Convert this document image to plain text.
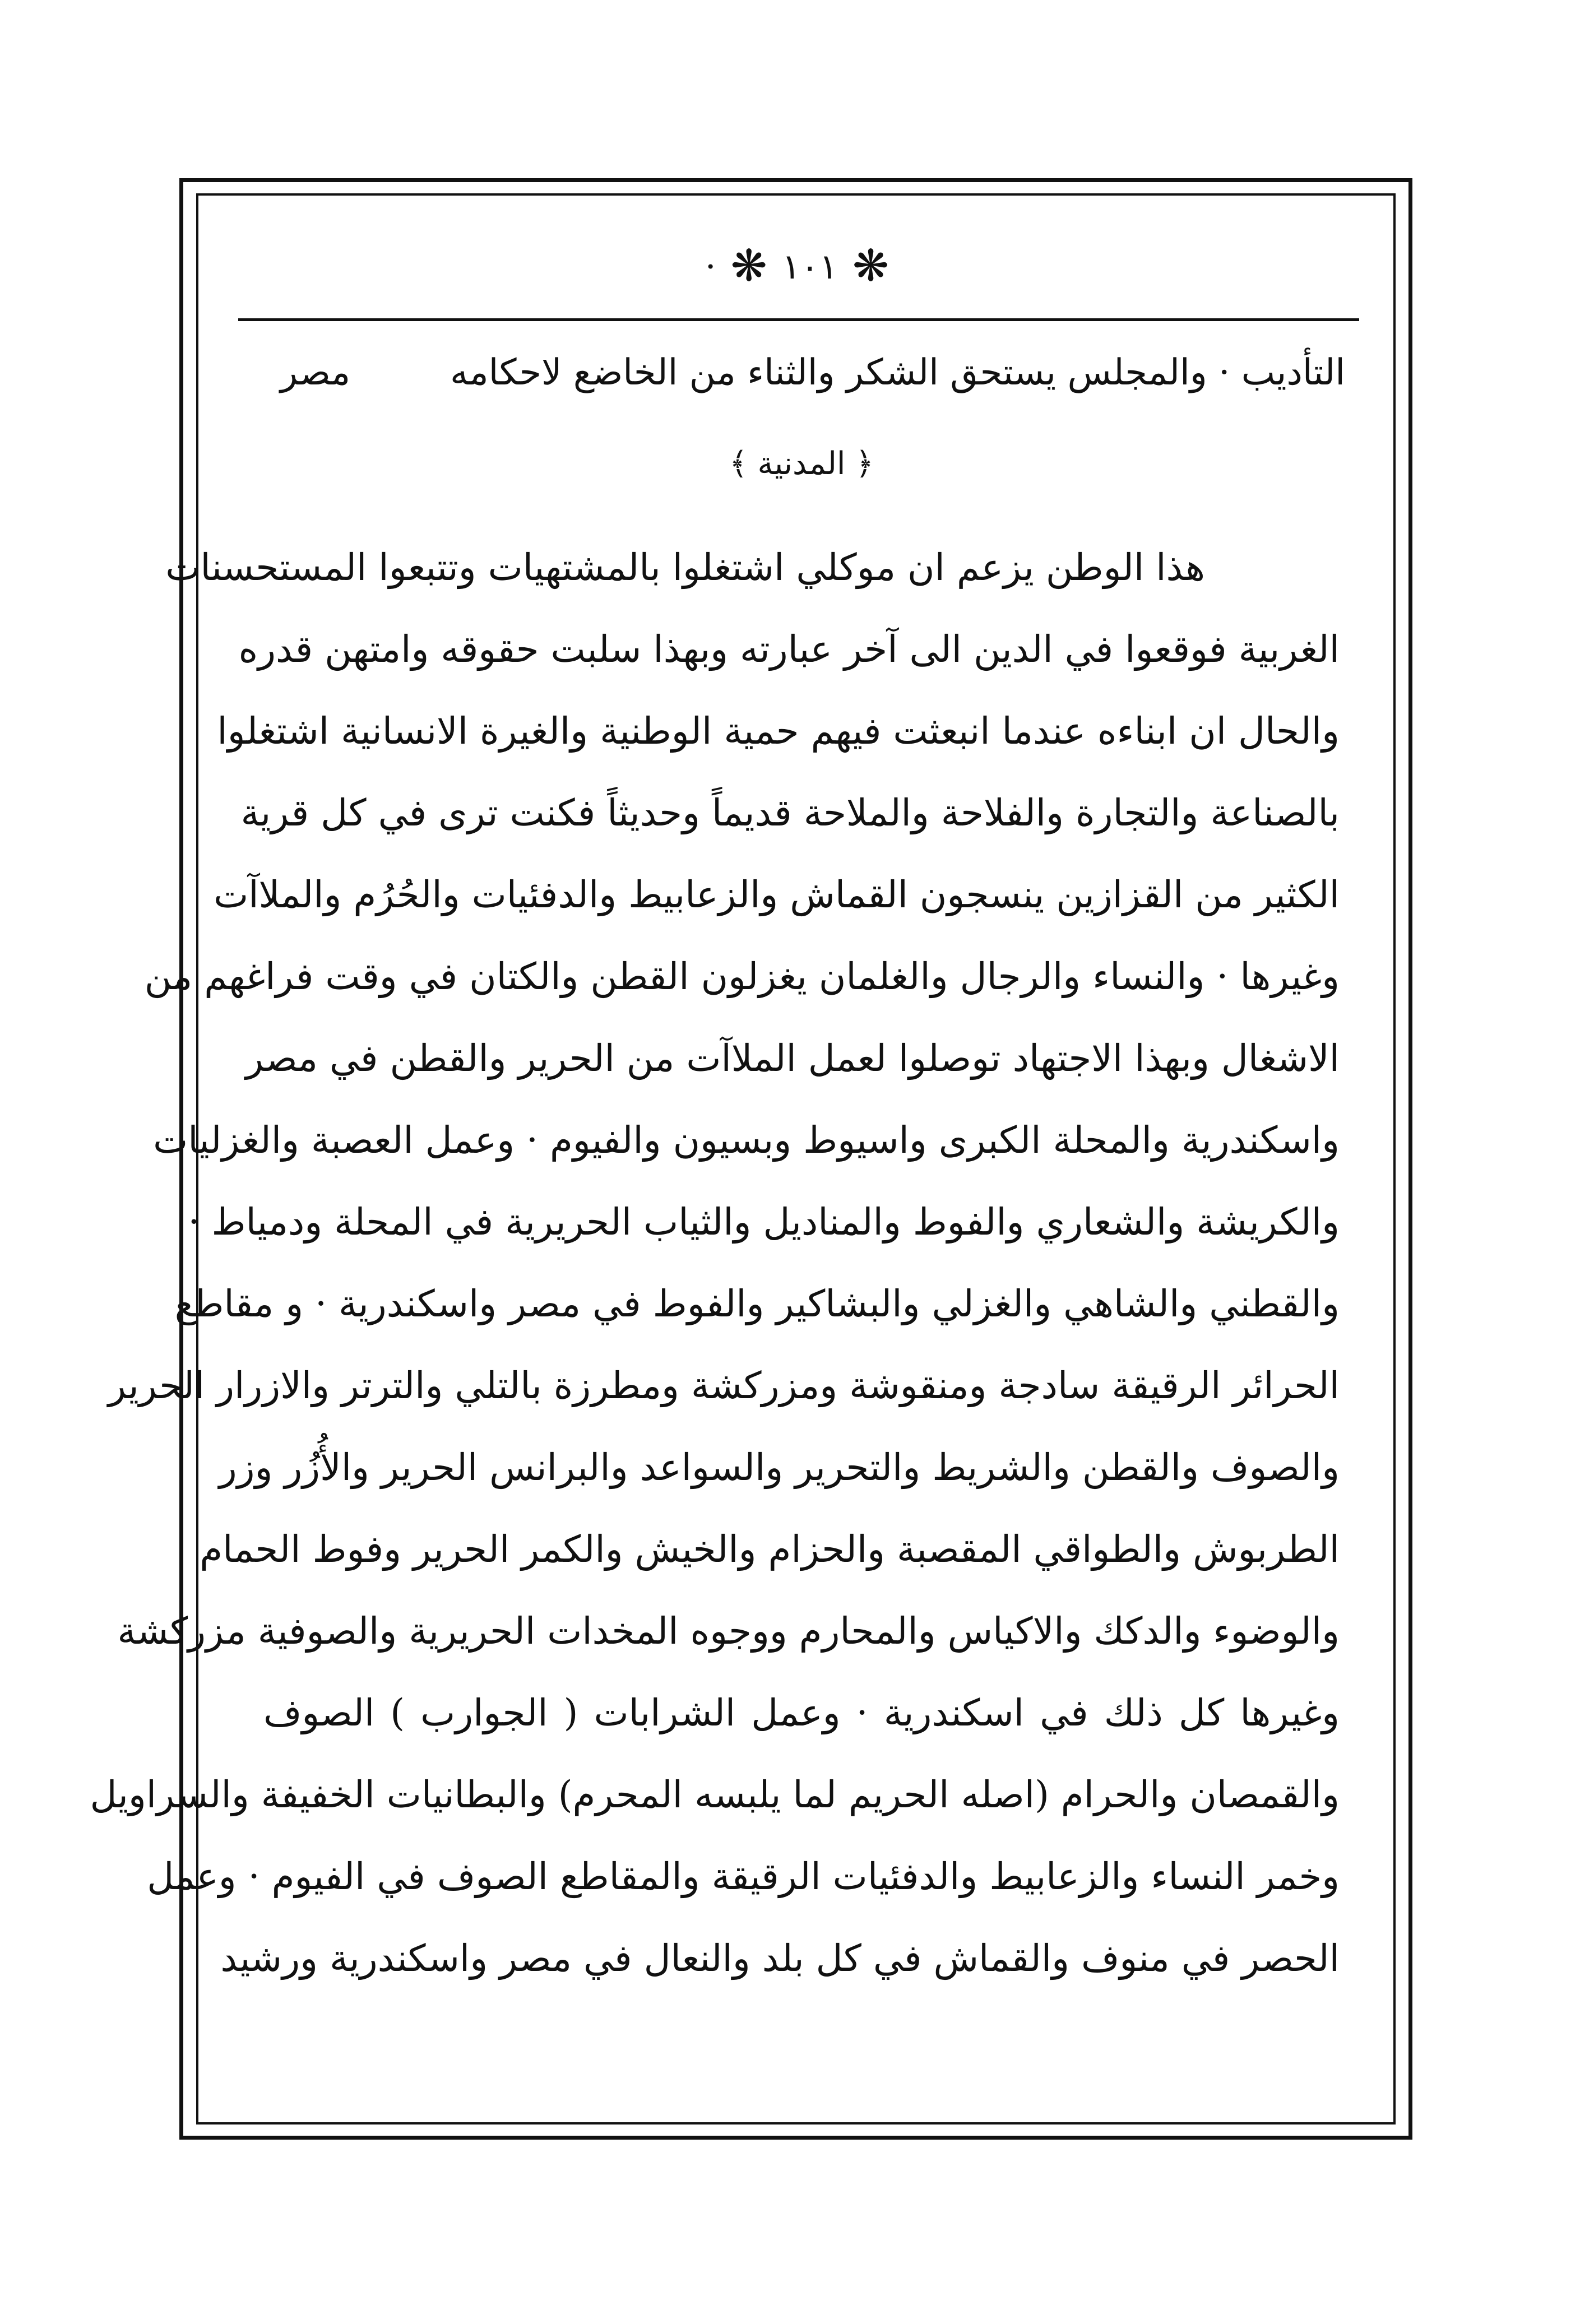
❋
١٠١
❋
·
التأديب · والمجلس يستحق الشكر والثناء من الخاضع لاحكامه
مصر
﴿ المدنية ﴾
هذا الوطن يزعم ان موكلي اشتغلوا بالمشتهيات وتتبعوا المستحسنات
الغربية فوقعوا في الدين الى آخر عبارته وبهذا سلبت حقوقه وامتهن قدره
والحال ان ابناءه عندما انبعثت فيهم حمية الوطنية والغيرة الانسانية اشتغلوا
بالصناعة والتجارة والفلاحة والملاحة قديماً وحديثاً فكنت ترى في كل قرية
الكثير من القزازين ينسجون القماش والزعابيط والدفئيات والحُرُم والملاآت
وغيرها · والنساء والرجال والغلمان يغزلون القطن والكتان في وقت فراغهم من
الاشغال وبهذا الاجتهاد توصلوا لعمل الملاآت من الحرير والقطن في مصر
واسكندرية والمحلة الكبرى واسيوط وبسيون والفيوم · وعمل العصبة والغزليات
والكريشة والشعاري والفوط والمناديل والثياب الحريرية في المحلة ودمياط ·
والقطني والشاهي والغزلي والبشاكير والفوط في مصر واسكندرية · و مقاطع
الحرائر الرقيقة سادجة ومنقوشة ومزركشة ومطرزة بالتلي والترتر والازرار الحرير
والصوف والقطن والشريط والتحرير والسواعد والبرانس الحرير والأُزُر وزر
الطربوش والطواقي المقصبة والحزام والخيش والكمر الحرير وفوط الحمام
والوضوء والدكك والاكياس والمحارم ووجوه المخدات الحريرية والصوفية مزركشة
وغيرها كل ذلك في اسكندرية · وعمل الشرابات ( الجوارب ) الصوف
والقمصان والحرام (اصله الحريم لما يلبسه المحرم) والبطانيات الخفيفة والسراويل
وخمر النساء والزعابيط والدفئيات الرقيقة والمقاطع الصوف في الفيوم · وعمل
الحصر في منوف والقماش في كل بلد والنعال في مصر واسكندرية ورشيد
